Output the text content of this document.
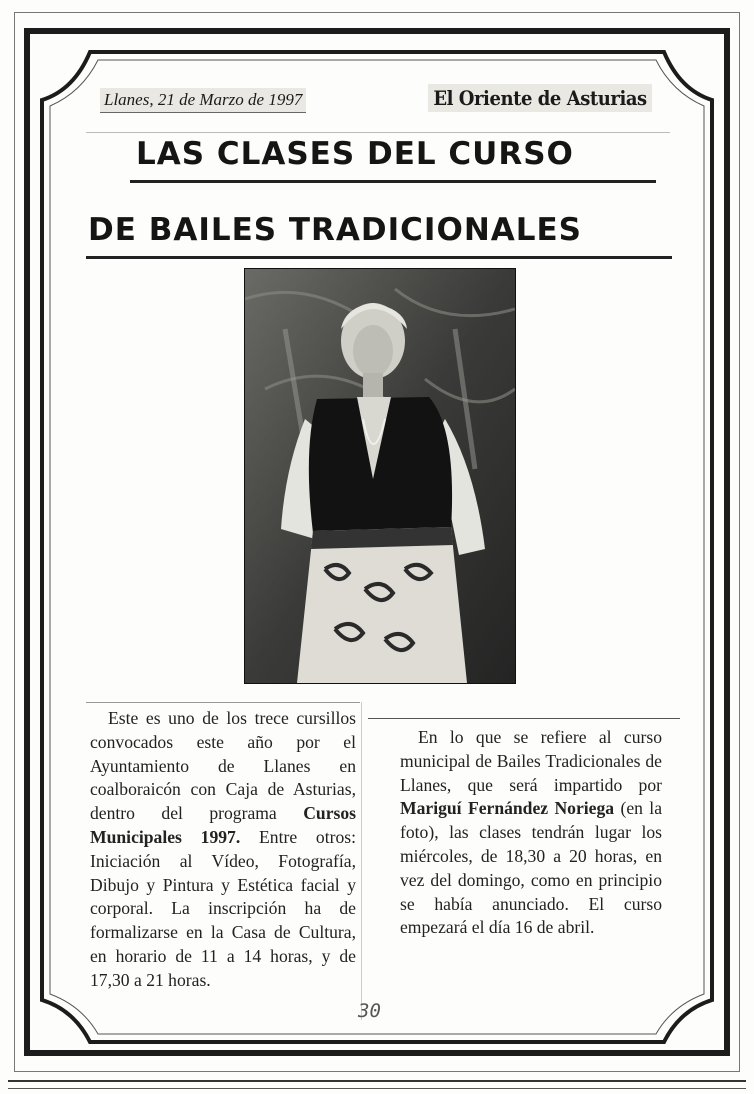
Llanes, 21 de Marzo de 1997	El Oriente de Asturias
LAS CLASES DEL CURSO
DE BAILES TRADICIONALES

Este es uno de los trece cursillos convocados este año por el Ayuntamiento de Llanes en coalboraicón con Caja de Asturias, dentro del programa Cursos Municipales 1997. Entre otros: Iniciación al Vídeo, Fotografía, Dibujo y Pintura y Estética facial y corporal. La inscripción ha de formalizarse en la Casa de Cultura, en horario de 11 a 14 horas, y de 17,30 a 21 horas.

En lo que se refiere al curso municipal de Bailes Tradicionales de Llanes, que será impartido por Mariguí Fernández Noriega (en la foto), las clases tendrán lugar los miércoles, de 18,30 a 20 horas, en vez del domingo, como en principio se había anunciado. El curso empezará el día 16 de abril.

30
